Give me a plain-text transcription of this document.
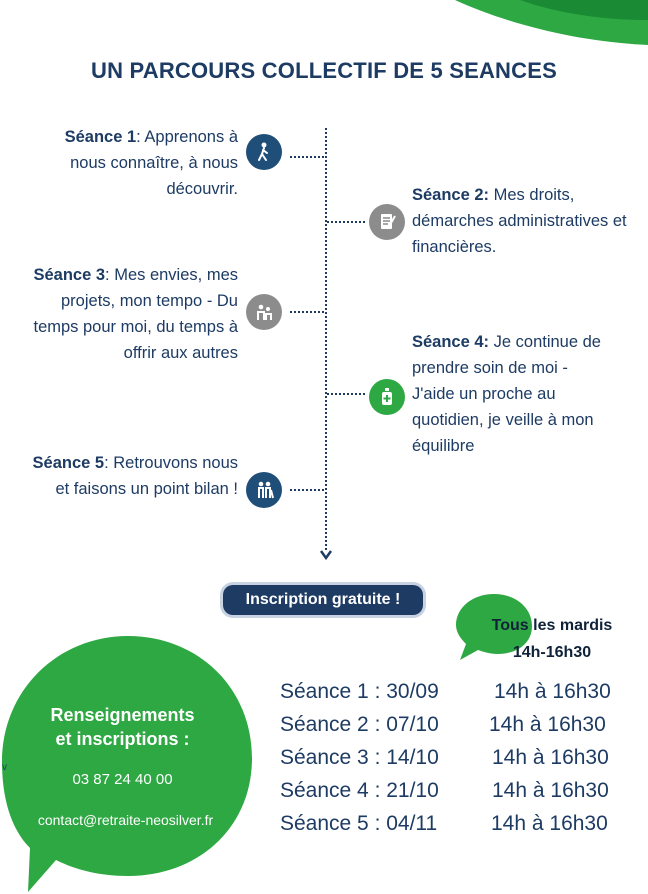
UN PARCOURS COLLECTIF DE 5 SEANCES
Séance 1: Apprenons à nous connaître, à nous découvrir.	Séance 2: Mes droits, démarches administratives et financières.
Séance 3: Mes envies, mes projets, mon tempo - Du temps pour moi, du temps à offrir aux autres
Séance 4: Je continue de prendre soin de moi - J'aide un proche au quotidien, je veille à mon équilibre
Séance 5: Retrouvons nous et faisons un point bilan !
Inscription gratuite !
Tous les mardis
14h-16h30
Renseignements
et inscriptions :
03 87 24 40 00
contact@retraite-neosilver.fr
v
Séance 1 : 30/09	14h à 16h30
Séance 2 : 07/10 14h à 16h30
Séance 3 : 14/10	14h à 16h30
Séance 4 : 21/10	14h à 16h30
Séance 5 : 04/11	14h à 16h30
